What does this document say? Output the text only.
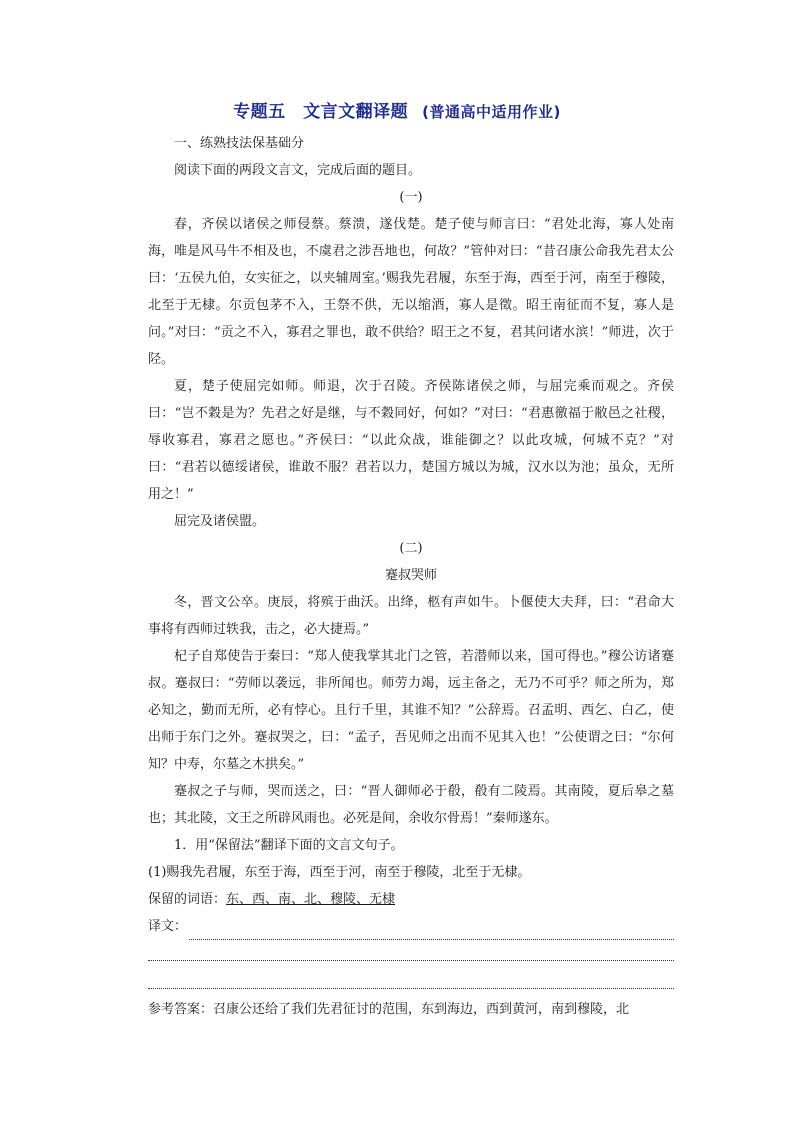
专题五　文言文翻译题 (普通高中适用作业)

一、练熟技法保基础分

阅读下面的两段文言文，完成后面的题目。

(一)

春，齐侯以诸侯之师侵蔡。蔡溃，遂伐楚。楚子使与师言曰：“君处北海，寡人处南海，唯是风马牛不相及也，不虞君之涉吾地也，何故？”管仲对曰：“昔召康公命我先君太公曰：‘五侯九伯，女实征之，以夹辅周室。’赐我先君履，东至于海，西至于河，南至于穆陵，北至于无棣。尔贡包茅不入，王祭不供，无以缩酒，寡人是徵。昭王南征而不复，寡人是问。”对曰：“贡之不入，寡君之罪也，敢不供给？昭王之不复，君其问诸水滨！”师进，次于陉。

夏，楚子使屈完如师。师退，次于召陵。齐侯陈诸侯之师，与屈完乘而观之。齐侯曰：“岂不穀是为？先君之好是继，与不穀同好，何如？”对曰：“君惠徼福于敝邑之社稷，辱收寡君，寡君之愿也。”齐侯曰：“以此众战，谁能御之？以此攻城，何城不克？”对曰：“君若以德绥诸侯，谁敢不服？君若以力，楚国方城以为城，汉水以为池；虽众，无所用之！”

屈完及诸侯盟。

(二)

蹇叔哭师

冬，晋文公卒。庚辰，将殡于曲沃。出绛，柩有声如牛。卜偃使大夫拜，曰：“君命大事将有西师过轶我，击之，必大捷焉。”

杞子自郑使告于秦曰：“郑人使我掌其北门之管，若潜师以来，国可得也。”穆公访诸蹇叔。蹇叔曰：“劳师以袭远，非所闻也。师劳力竭，远主备之，无乃不可乎？师之所为，郑必知之，勤而无所，必有悖心。且行千里，其谁不知？”公辞焉。召孟明、西乞、白乙，使出师于东门之外。蹇叔哭之，曰：“孟子，吾见师之出而不见其入也！”公使谓之曰：“尔何知？中寿，尔墓之木拱矣。”

蹇叔之子与师，哭而送之，曰：“晋人御师必于殽，殽有二陵焉。其南陵，夏后皋之墓也；其北陵，文王之所辟风雨也。必死是间，余收尔骨焉！”秦师遂东。

1．用“保留法”翻译下面的文言文句子。

(1)赐我先君履，东至于海，西至于河，南至于穆陵，北至于无棣。

保留的词语：东、西、南、北、穆陵、无棣

译文：

参考答案：召康公还给了我们先君征讨的范围，东到海边，西到黄河，南到穆陵，北
